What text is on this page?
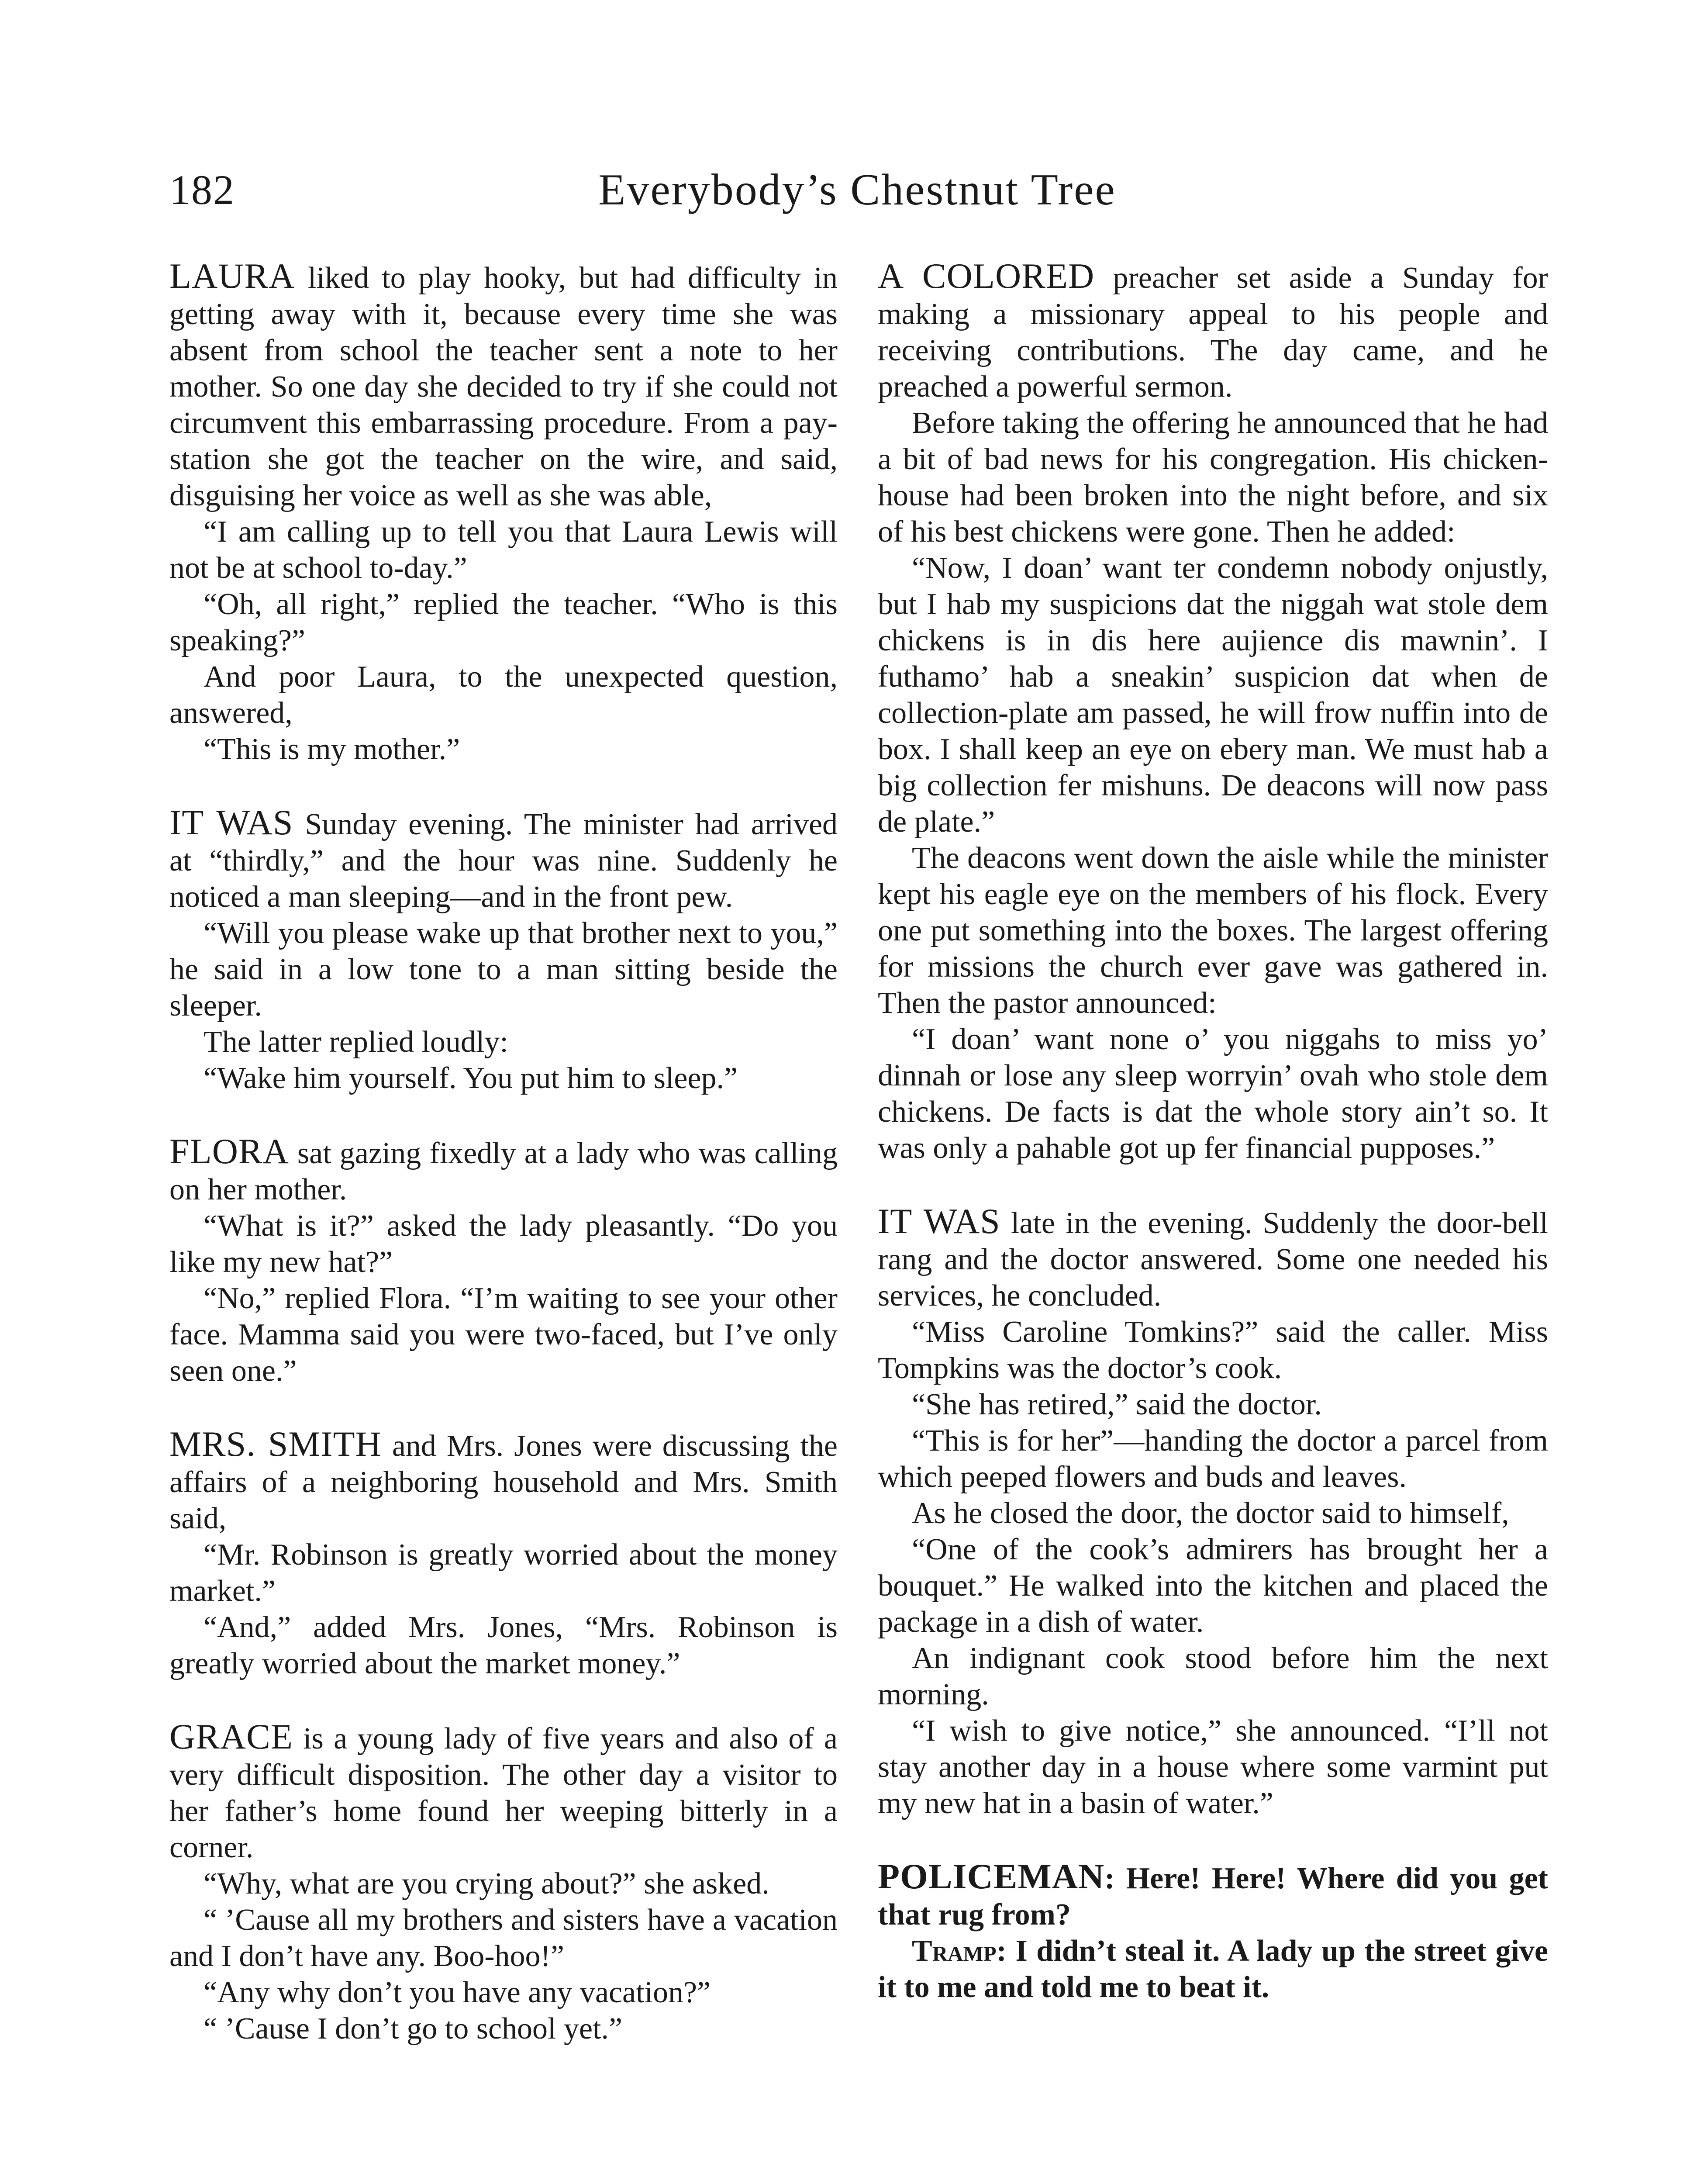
182	Everybody’s Chestnut Tree

LAURA liked to play hooky, but had difficulty in getting away with it, because every time she was absent from school the teacher sent a note to her mother. So one day she decided to try if she could not circumvent this embarrassing procedure. From a pay-station she got the teacher on the wire, and said, disguising her voice as well as she was able,

“I am calling up to tell you that Laura Lewis will not be at school to-day.”

“Oh, all right,” replied the teacher. “Who is this speaking?”

And poor Laura, to the unexpected question, answered,

“This is my mother.”

IT WAS Sunday evening. The minister had arrived at “thirdly,” and the hour was nine. Suddenly he noticed a man sleeping—and in the front pew.

“Will you please wake up that brother next to you,” he said in a low tone to a man sitting beside the sleeper.

The latter replied loudly:

“Wake him yourself. You put him to sleep.”

FLORA sat gazing fixedly at a lady who was calling on her mother.

“What is it?” asked the lady pleasantly. “Do you like my new hat?”

“No,” replied Flora. “I’m waiting to see your other face. Mamma said you were two-faced, but I’ve only seen one.”

MRS. SMITH and Mrs. Jones were discussing the affairs of a neighboring household and Mrs. Smith said,

“Mr. Robinson is greatly worried about the money market.”

“And,” added Mrs. Jones, “Mrs. Robinson is greatly worried about the market money.”

GRACE is a young lady of five years and also of a very difficult disposition. The other day a visitor to her father’s home found her weeping bitterly in a corner.

“Why, what are you crying about?” she asked.

“ ’Cause all my brothers and sisters have a vacation and I don’t have any. Boo-hoo!”

“Any why don’t you have any vacation?”

“ ’Cause I don’t go to school yet.”

A COLORED preacher set aside a Sunday for making a missionary appeal to his people and receiving contributions. The day came, and he preached a powerful sermon.

Before taking the offering he announced that he had a bit of bad news for his congregation. His chicken-house had been broken into the night before, and six of his best chickens were gone. Then he added:

“Now, I doan’ want ter condemn nobody onjustly, but I hab my suspicions dat the niggah wat stole dem chickens is in dis here aujience dis mawnin’. I futhamo’ hab a sneakin’ suspicion dat when de collection-plate am passed, he will frow nuffin into de box. I shall keep an eye on ebery man. We must hab a big collection fer mishuns. De deacons will now pass de plate.”

The deacons went down the aisle while the minister kept his eagle eye on the members of his flock. Every one put something into the boxes. The largest offering for missions the church ever gave was gathered in. Then the pastor announced:

“I doan’ want none o’ you niggahs to miss yo’ dinnah or lose any sleep worryin’ ovah who stole dem chickens. De facts is dat the whole story ain’t so. It was only a pahable got up fer financial pupposes.”

IT WAS late in the evening. Suddenly the door-bell rang and the doctor answered. Some one needed his services, he concluded.

“Miss Caroline Tomkins?” said the caller. Miss Tompkins was the doctor’s cook.

“She has retired,” said the doctor.

“This is for her”—handing the doctor a parcel from which peeped flowers and buds and leaves.

As he closed the door, the doctor said to himself,

“One of the cook’s admirers has brought her a bouquet.” He walked into the kitchen and placed the package in a dish of water.

An indignant cook stood before him the next morning.

“I wish to give notice,” she announced. “I’ll not stay another day in a house where some varmint put my new hat in a basin of water.”

POLICEMAN: Here! Here! Where did you get that rug from?

Tramp: I didn’t steal it. A lady up the street give it to me and told me to beat it.
